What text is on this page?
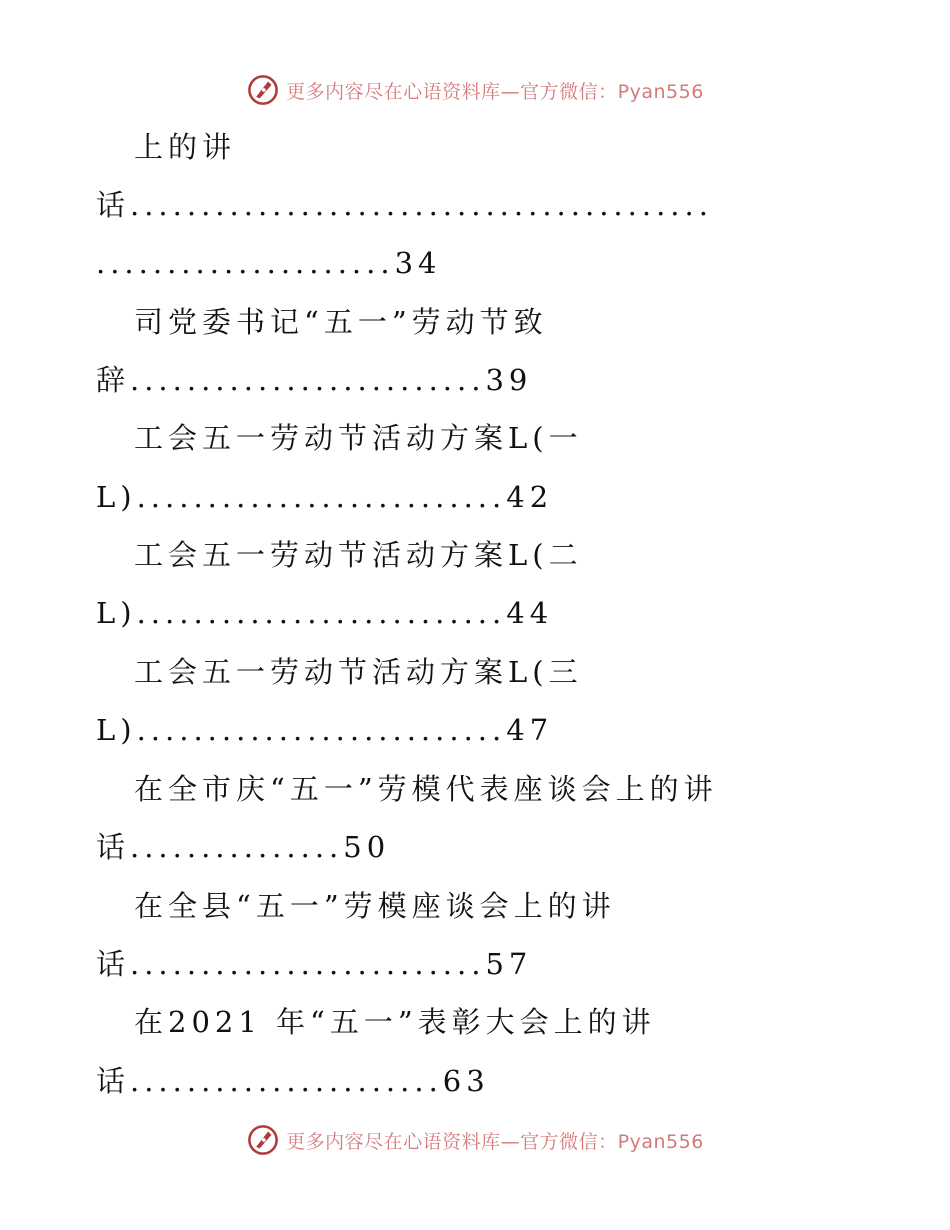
更多内容尽在心语资料库—官方微信：Pyan556
上的讲
话.........................................
.....................34
司党委书记“五一”劳动节致
辞.........................39
工会五一劳动节活动方案L(一
L)..........................42
工会五一劳动节活动方案L(二
L)..........................44
工会五一劳动节活动方案L(三
L)..........................47
在全市庆“五一”劳模代表座谈会上的讲
话...............50
在全县“五一”劳模座谈会上的讲
话.........................57
在2021 年“五一”表彰大会上的讲
话......................63
更多内容尽在心语资料库—官方微信：Pyan556
